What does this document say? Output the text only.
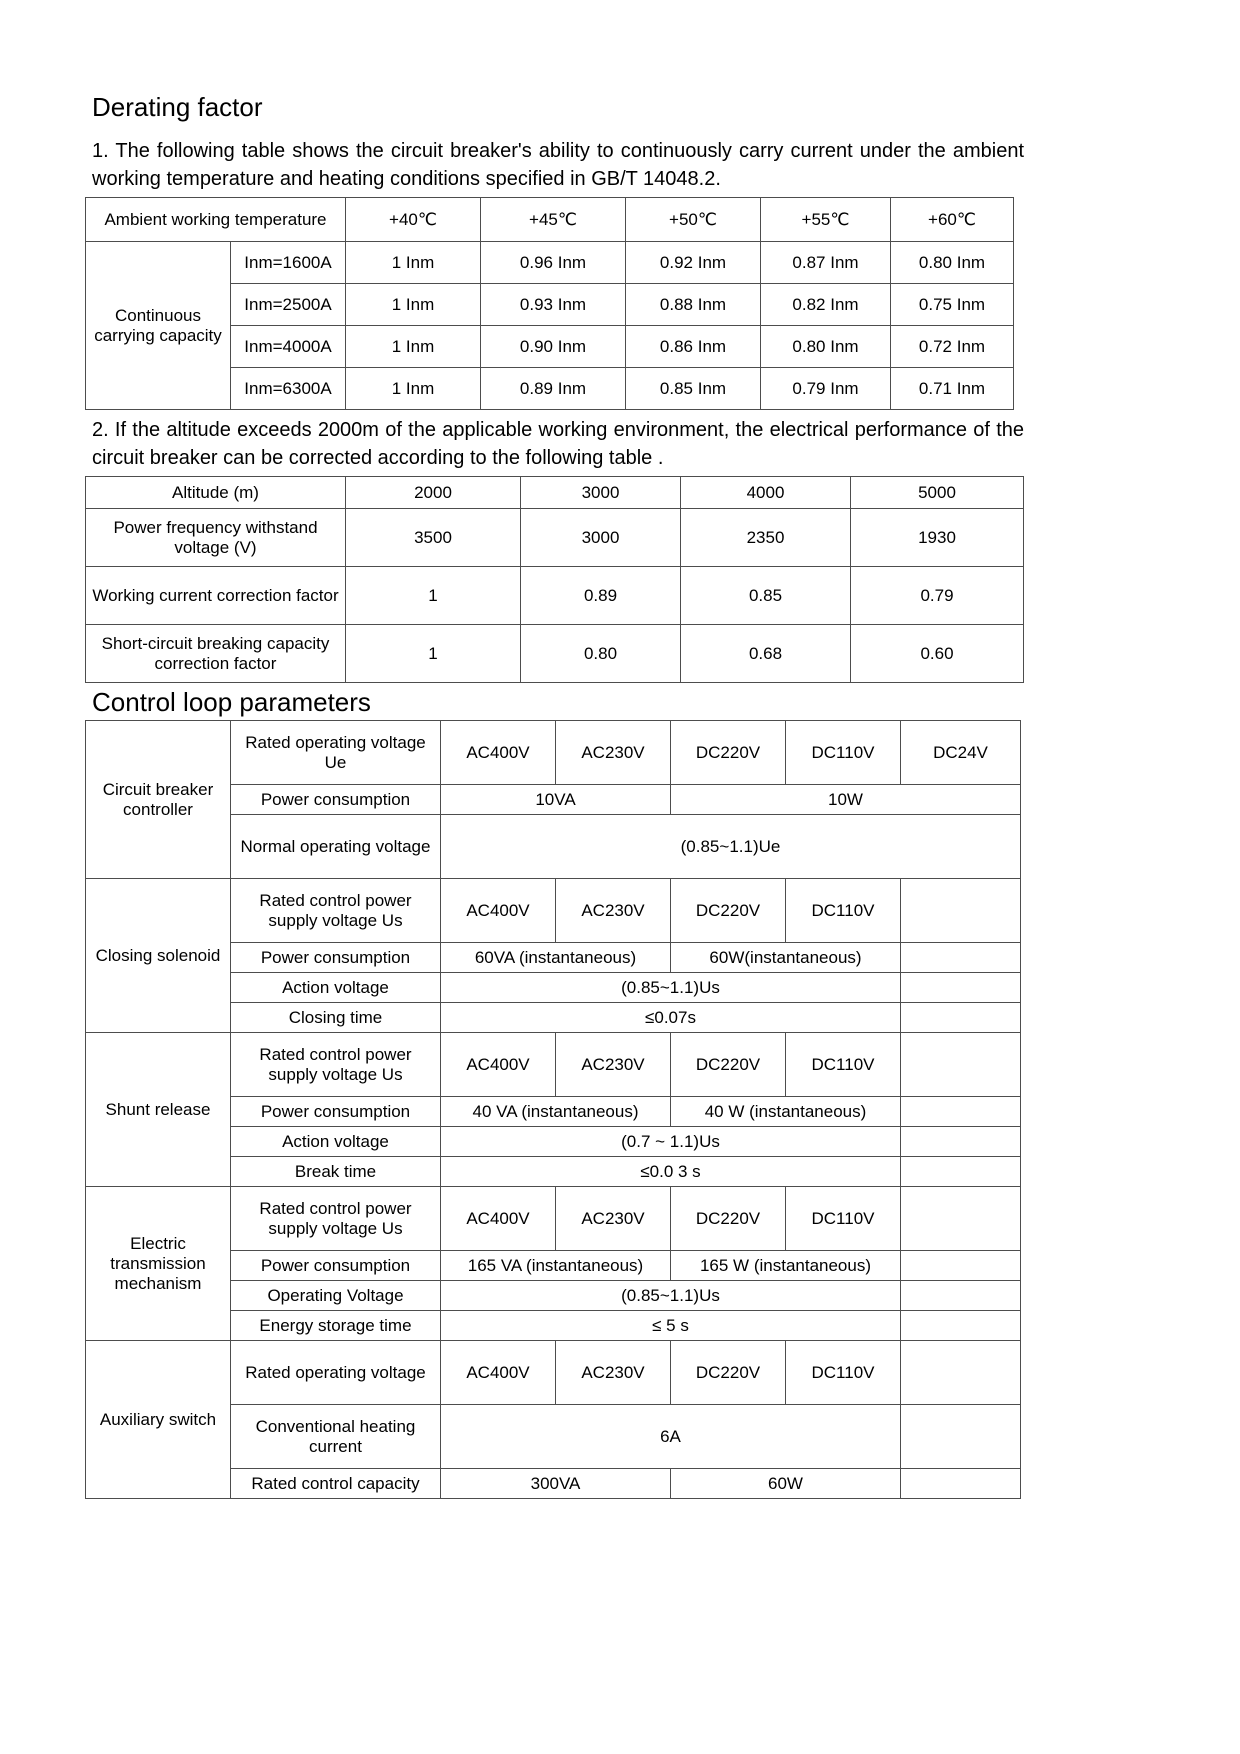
Derating factor

1. The following table shows the circuit breaker's ability to continuously carry current under the ambient working temperature and heating conditions specified in GB/T 14048.2.

Ambient working temperature		+40℃	+45℃	+50℃	+55℃	+60℃
Continuous carrying capacity	Inm=1600A	1 Inm	0.96 Inm	0.92 Inm	0.87 Inm	0.80 Inm
	Inm=2500A	1 Inm	0.93 Inm	0.88 Inm	0.82 Inm	0.75 Inm
	Inm=4000A	1 Inm	0.90 Inm	0.86 Inm	0.80 Inm	0.72 Inm
	Inm=6300A	1 Inm	0.89 Inm	0.85 Inm	0.79 Inm	0.71 Inm

2. If the altitude exceeds 2000m of the applicable working environment, the electrical performance of the circuit breaker can be corrected according to the following table .

Altitude (m)	2000	3000	4000	5000
Power frequency withstand voltage (V)	3500	3000	2350	1930
Working current correction factor	1	0.89	0.85	0.79
Short-circuit breaking capacity correction factor	1	0.80	0.68	0.60
Control loop parameters
Circuit breaker controller	Rated operating voltage Ue	AC400V	AC230V	DC220V	DC110V	DC24V
	Power consumption	10VA		10W		
	Normal operating voltage	(0.85~1.1)Ue				
Closing solenoid	Rated control power supply voltage Us	AC400V	AC230V	DC220V	DC110V	
	Power consumption	60VA (instantaneous)		60W(instantaneous)		
	Action voltage	(0.85~1.1)Us				
	Closing time	≤0.07s				
Shunt release	Rated control power supply voltage Us	AC400V	AC230V	DC220V	DC110V	
	Power consumption	40 VA (instantaneous)		40 W (instantaneous)		
	Action voltage	(0.7 ~ 1.1)Us				
	Break time	≤0.0 3 s				
Electric transmission mechanism	Rated control power supply voltage Us	AC400V	AC230V	DC220V	DC110V	
	Power consumption	165 VA (instantaneous)		165 W (instantaneous)		
	Operating Voltage	(0.85~1.1)Us				
	Energy storage time	≤ 5 s				
Auxiliary switch	Rated operating voltage	AC400V	AC230V	DC220V	DC110V	
	Conventional heating current	6A				
	Rated control capacity	300VA		60W		
